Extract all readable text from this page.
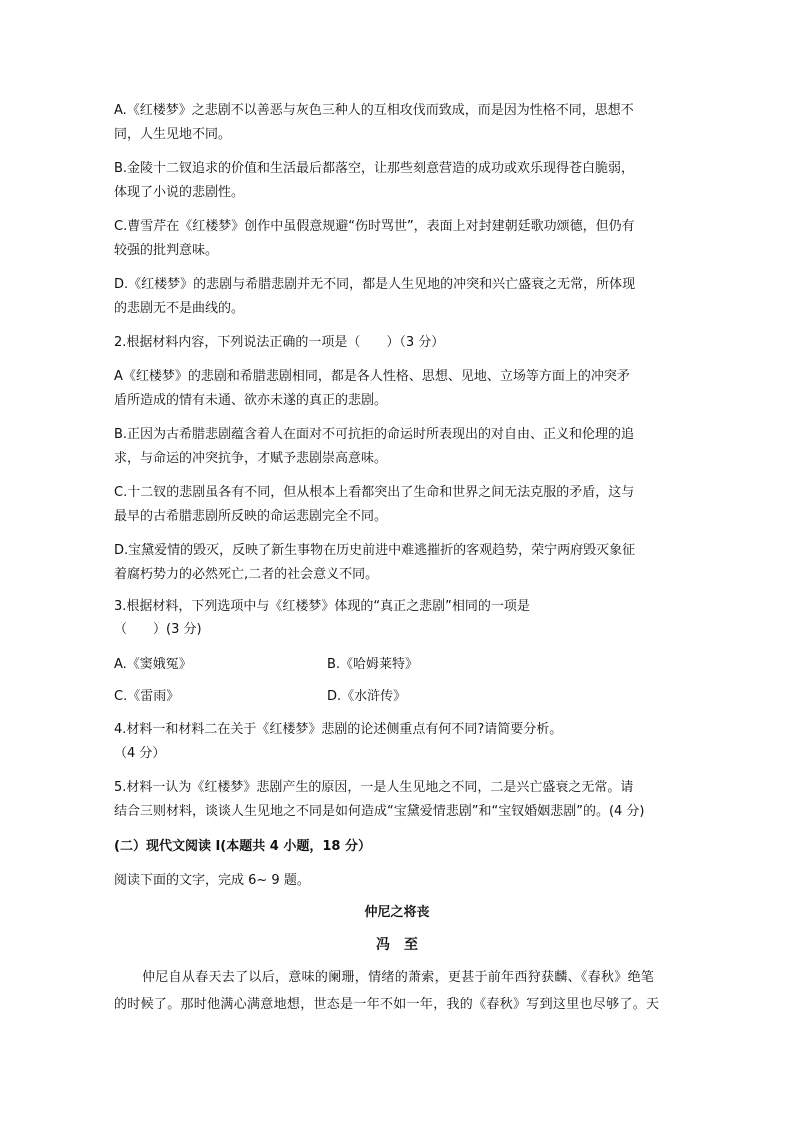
A.《红楼梦》之悲剧不以善恶与灰色三种人的互相攻伐而致成，而是因为性格不同，思想不
同，人生见地不同。
B.金陵十二钗追求的价值和生活最后都落空，让那些刻意营造的成功或欢乐现得苍白脆弱，
体现了小说的悲剧性。
C.曹雪芹在《红楼梦》创作中虽假意规避“伤时骂世”，表面上对封建朝廷歌功颂德，但仍有
较强的批判意味。
D.《红楼梦》的悲剧与希腊悲剧并无不同，都是人生见地的冲突和兴亡盛衰之无常，所体现
的悲剧无不是曲线的。
2.根据材料内容，下列说法正确的一项是（　　）（3 分）
A《红楼梦》的悲剧和希腊悲剧相同，都是各人性格、思想、见地、立场等方面上的冲突矛
盾所造成的情有未通、欲亦未遂的真正的悲剧。
B.正因为古希腊悲剧蕴含着人在面对不可抗拒的命运时所表现出的对自由、正义和伦理的追
求，与命运的冲突抗争，才赋予悲剧崇高意味。
C.十二钗的悲剧虽各有不同，但从根本上看都突出了生命和世界之间无法克服的矛盾，这与
最早的古希腊悲剧所反映的命运悲剧完全不同。
D.宝黛爱情的毁灭，反映了新生事物在历史前进中难逃摧折的客观趋势，荣宁两府毁灭象征
着腐朽势力的必然死亡,二者的社会意义不同。
3.根据材料，下列选项中与《红楼梦》体现的“真正之悲剧”相同的一项是
（　　）(3 分)
A.《窦娥冤》	B.《哈姆莱特》
C.《雷雨》	D.《水浒传》
4.材料一和材料二在关于《红楼梦》悲剧的论述侧重点有何不同?请简要分析。
（4 分）
5.材料一认为《红楼梦》悲剧产生的原因，一是人生见地之不同，二是兴亡盛衰之无常。请
结合三则材料，谈谈人生见地之不同是如何造成“宝黛爱情悲剧”和“宝钗婚姻悲剧”的。(4 分)
(二）现代文阅读 I(本题共 4 小题，18 分）
阅读下面的文字，完成 6~ 9 题。
仲尼之将丧
冯　至
仲尼自从春天去了以后，意味的阑珊，情绪的萧索，更甚于前年西狩获麟、《春秋》绝笔
的时候了。那时他满心满意地想，世态是一年不如一年，我的《春秋》写到这里也尽够了。天
